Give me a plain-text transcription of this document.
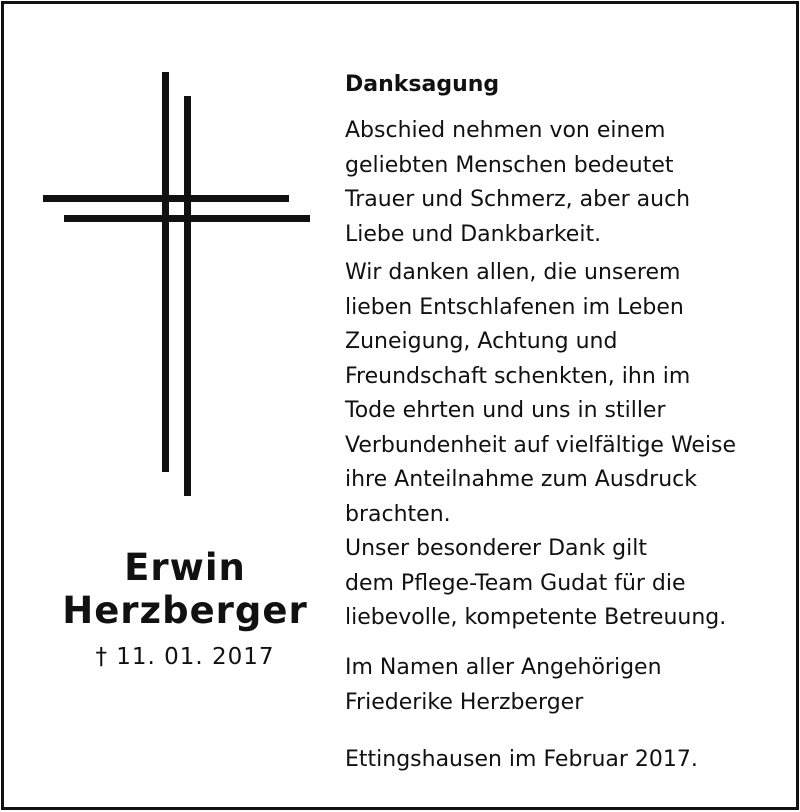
Erwin
Herzberger
† 11. 01. 2017
Danksagung

Abschied nehmen von einem
geliebten Menschen bedeutet
Trauer und Schmerz, aber auch
Liebe und Dankbarkeit.

Wir danken allen, die unserem
lieben Entschlafenen im Leben
Zuneigung, Achtung und
Freundschaft schenkten, ihn im
Tode ehrten und uns in stiller
Verbundenheit auf vielfältige Weise
ihre Anteilnahme zum Ausdruck
brachten.

Unser besonderer Dank gilt
dem Pflege-Team Gudat für die
liebevolle, kompetente Betreuung.

Im Namen aller Angehörigen
Friederike Herzberger

Ettingshausen im Februar 2017.
